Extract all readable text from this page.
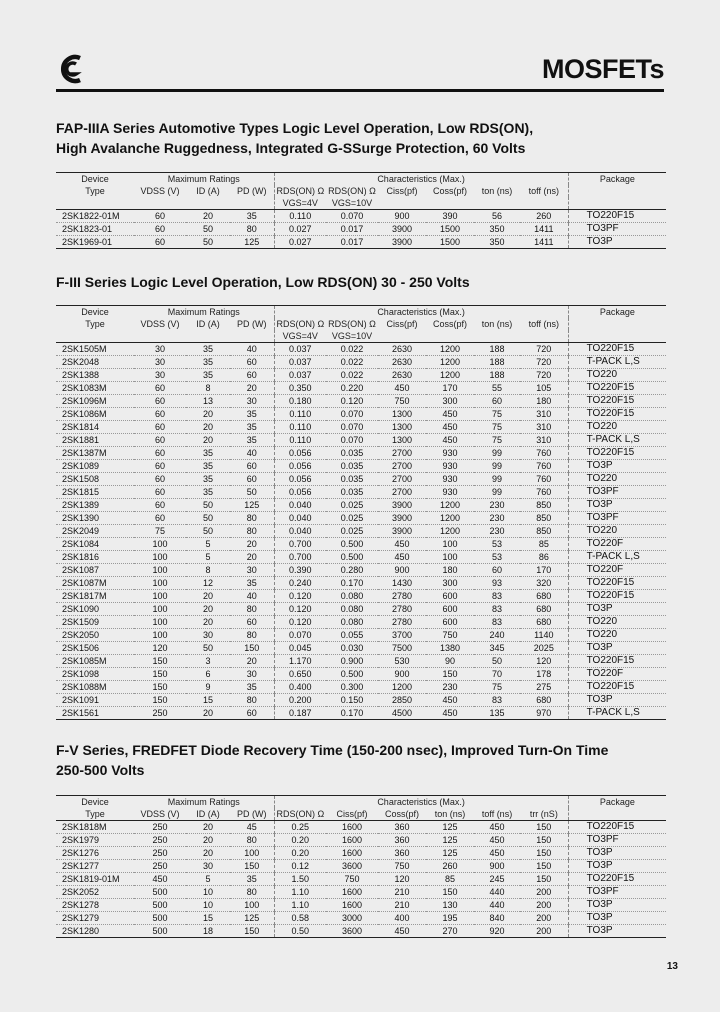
MOSFETs
FAP-IIIA Series Automotive Types Logic Level Operation, Low RDS(ON),
High Avalanche Ruggedness, Integrated G-SSurge Protection, 60 Volts
Device	Maximum Ratings			Characteristics (Max.)						Package
Type	VDSS (V)	ID (A)	PD (W)	RDS(ON) Ω	RDS(ON) Ω	Ciss(pf)	Coss(pf)	ton (ns)	toff (ns)	
				VGS=4V	VGS=10V					
2SK1822-01M	60	20	35	0.110	0.070	900	390	56	260	TO220F15
2SK1823-01	60	50	80	0.027	0.017	3900	1500	350	1411	TO3PF
2SK1969-01	60	50	125	0.027	0.017	3900	1500	350	1411	TO3P
F-III Series Logic Level Operation, Low RDS(ON) 30 - 250 Volts
Device	Maximum Ratings			Characteristics (Max.)						Package
Type	VDSS (V)	ID (A)	PD (W)	RDS(ON) Ω	RDS(ON) Ω	Ciss(pf)	Coss(pf)	ton (ns)	toff (ns)	
				VGS=4V	VGS=10V					
2SK1505M	30	35	40	0.037	0.022	2630	1200	188	720	TO220F15
2SK2048	30	35	60	0.037	0.022	2630	1200	188	720	T-PACK L,S
2SK1388	30	35	60	0.037	0.022	2630	1200	188	720	TO220
2SK1083M	60	8	20	0.350	0.220	450	170	55	105	TO220F15
2SK1096M	60	13	30	0.180	0.120	750	300	60	180	TO220F15
2SK1086M	60	20	35	0.110	0.070	1300	450	75	310	TO220F15
2SK1814	60	20	35	0.110	0.070	1300	450	75	310	TO220
2SK1881	60	20	35	0.110	0.070	1300	450	75	310	T-PACK L,S
2SK1387M	60	35	40	0.056	0.035	2700	930	99	760	TO220F15
2SK1089	60	35	60	0.056	0.035	2700	930	99	760	TO3P
2SK1508	60	35	60	0.056	0.035	2700	930	99	760	TO220
2SK1815	60	35	50	0.056	0.035	2700	930	99	760	TO3PF
2SK1389	60	50	125	0.040	0.025	3900	1200	230	850	TO3P
2SK1390	60	50	80	0.040	0.025	3900	1200	230	850	TO3PF
2SK2049	75	50	80	0.040	0.025	3900	1200	230	850	TO220
2SK1084	100	5	20	0.700	0.500	450	100	53	85	TO220F
2SK1816	100	5	20	0.700	0.500	450	100	53	86	T-PACK L,S
2SK1087	100	8	30	0.390	0.280	900	180	60	170	TO220F
2SK1087M	100	12	35	0.240	0.170	1430	300	93	320	TO220F15
2SK1817M	100	20	40	0.120	0.080	2780	600	83	680	TO220F15
2SK1090	100	20	80	0.120	0.080	2780	600	83	680	TO3P
2SK1509	100	20	60	0.120	0.080	2780	600	83	680	TO220
2SK2050	100	30	80	0.070	0.055	3700	750	240	1140	TO220
2SK1506	120	50	150	0.045	0.030	7500	1380	345	2025	TO3P
2SK1085M	150	3	20	1.170	0.900	530	90	50	120	TO220F15
2SK1098	150	6	30	0.650	0.500	900	150	70	178	TO220F
2SK1088M	150	9	35	0.400	0.300	1200	230	75	275	TO220F15
2SK1091	150	15	80	0.200	0.150	2850	450	83	680	TO3P
2SK1561	250	20	60	0.187	0.170	4500	450	135	970	T-PACK L,S
F-V Series, FREDFET Diode Recovery Time (150-200 nsec), Improved Turn-On Time
250-500 Volts
Device	Maximum Ratings			Characteristics (Max.)						Package
Type	VDSS (V)	ID (A)	PD (W)	RDS(ON) Ω	Ciss(pf)	Coss(pf)	ton (ns)	toff (ns)	trr (nS)	
2SK1818M	250	20	45	0.25	1600	360	125	450	150	TO220F15
2SK1979	250	20	80	0.20	1600	360	125	450	150	TO3PF
2SK1276	250	20	100	0.20	1600	360	125	450	150	TO3P
2SK1277	250	30	150	0.12	3600	750	260	900	150	TO3P
2SK1819-01M	450	5	35	1.50	750	120	85	245	150	TO220F15
2SK2052	500	10	80	1.10	1600	210	150	440	200	TO3PF
2SK1278	500	10	100	1.10	1600	210	130	440	200	TO3P
2SK1279	500	15	125	0.58	3000	400	195	840	200	TO3P
2SK1280	500	18	150	0.50	3600	450	270	920	200	TO3P
13
